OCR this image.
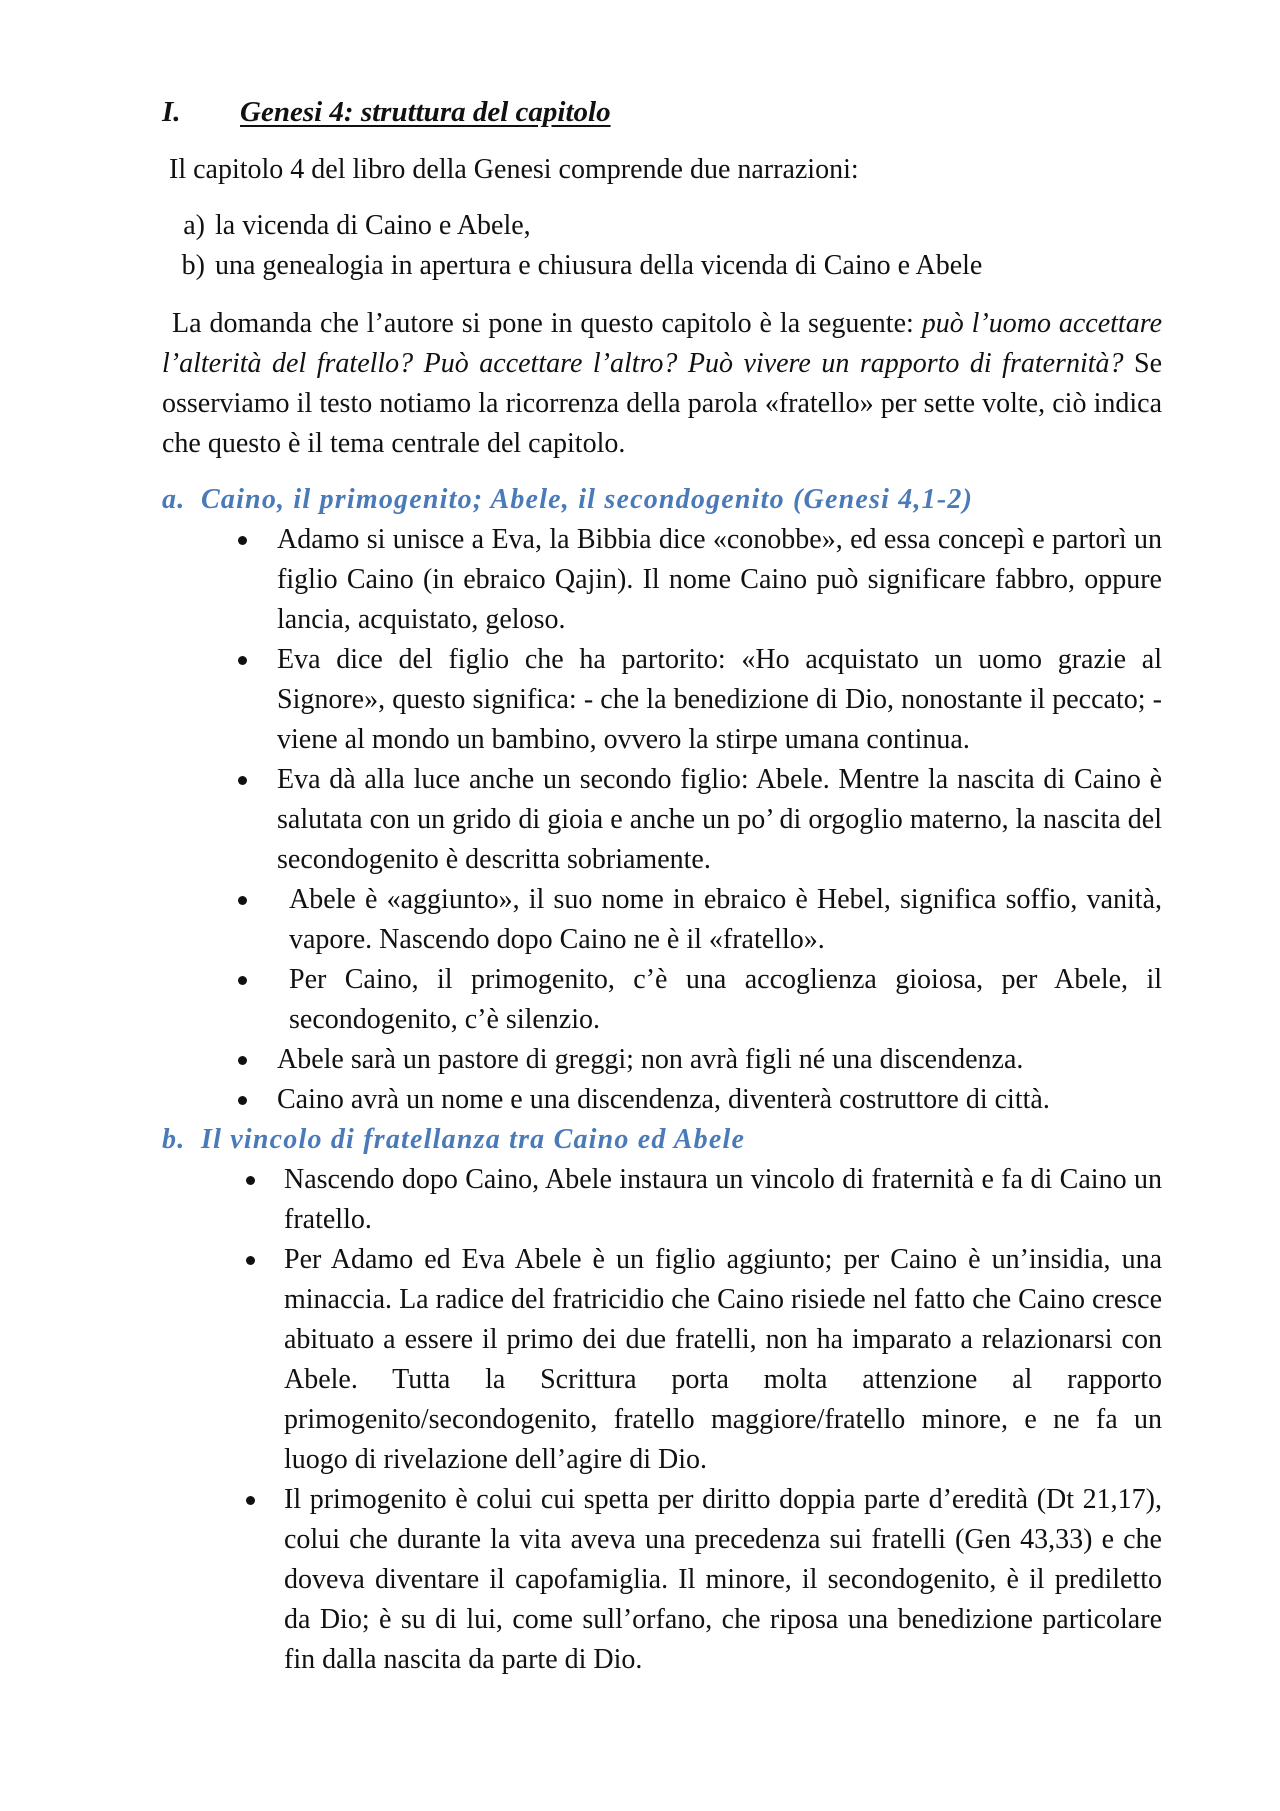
I.	Genesi 4: struttura del capitolo

Il capitolo 4 del libro della Genesi comprende due narrazioni:

a) la vicenda di Caino e Abele,
b) una genealogia in apertura e chiusura della vicenda di Caino e Abele

La domanda che l’autore si pone in questo capitolo è la seguente: può l’uomo accettare l’alterità del fratello? Può accettare l’altro? Può vivere un rapporto di fraternità? Se osserviamo il testo notiamo la ricorrenza della parola «fratello» per sette volte, ciò indica che questo è il tema centrale del capitolo.

a. Caino, il primogenito; Abele, il secondogenito (Genesi 4,1-2)
Adamo si unisce a Eva, la Bibbia dice «conobbe», ed essa concepì e partorì un figlio Caino (in ebraico Qajin). Il nome Caino può significare fabbro, oppure lancia, acquistato, geloso.
Eva dice del figlio che ha partorito: «Ho acquistato un uomo grazie al Signore», questo significa: - che la benedizione di Dio, nonostante il peccato; - viene al mondo un bambino, ovvero la stirpe umana continua.
Eva dà alla luce anche un secondo figlio: Abele. Mentre la nascita di Caino è salutata con un grido di gioia e anche un po’ di orgoglio materno, la nascita del secondogenito è descritta sobriamente.
Abele è «aggiunto», il suo nome in ebraico è Hebel, significa soffio, vanità, vapore. Nascendo dopo Caino ne è il «fratello».
Per Caino, il primogenito, c’è una accoglienza gioiosa, per Abele, il secondogenito, c’è silenzio.
Abele sarà un pastore di greggi; non avrà figli né una discendenza.
Caino avrà un nome e una discendenza, diventerà costruttore di città.
b. Il vincolo di fratellanza tra Caino ed Abele
Nascendo dopo Caino, Abele instaura un vincolo di fraternità e fa di Caino un fratello.
Per Adamo ed Eva Abele è un figlio aggiunto; per Caino è un’insidia, una minaccia. La radice del fratricidio che Caino risiede nel fatto che Caino cresce abituato a essere il primo dei due fratelli, non ha imparato a relazionarsi con Abele. Tutta la Scrittura porta molta attenzione al rapporto primogenito/secondogenito, fratello maggiore/fratello minore, e ne fa un luogo di rivelazione dell’agire di Dio.
Il primogenito è colui cui spetta per diritto doppia parte d’eredità (Dt 21,17), colui che durante la vita aveva una precedenza sui fratelli (Gen 43,33) e che doveva diventare il capofamiglia. Il minore, il secondogenito, è il prediletto da Dio; è su di lui, come sull’orfano, che riposa una benedizione particolare fin dalla nascita da parte di Dio.
